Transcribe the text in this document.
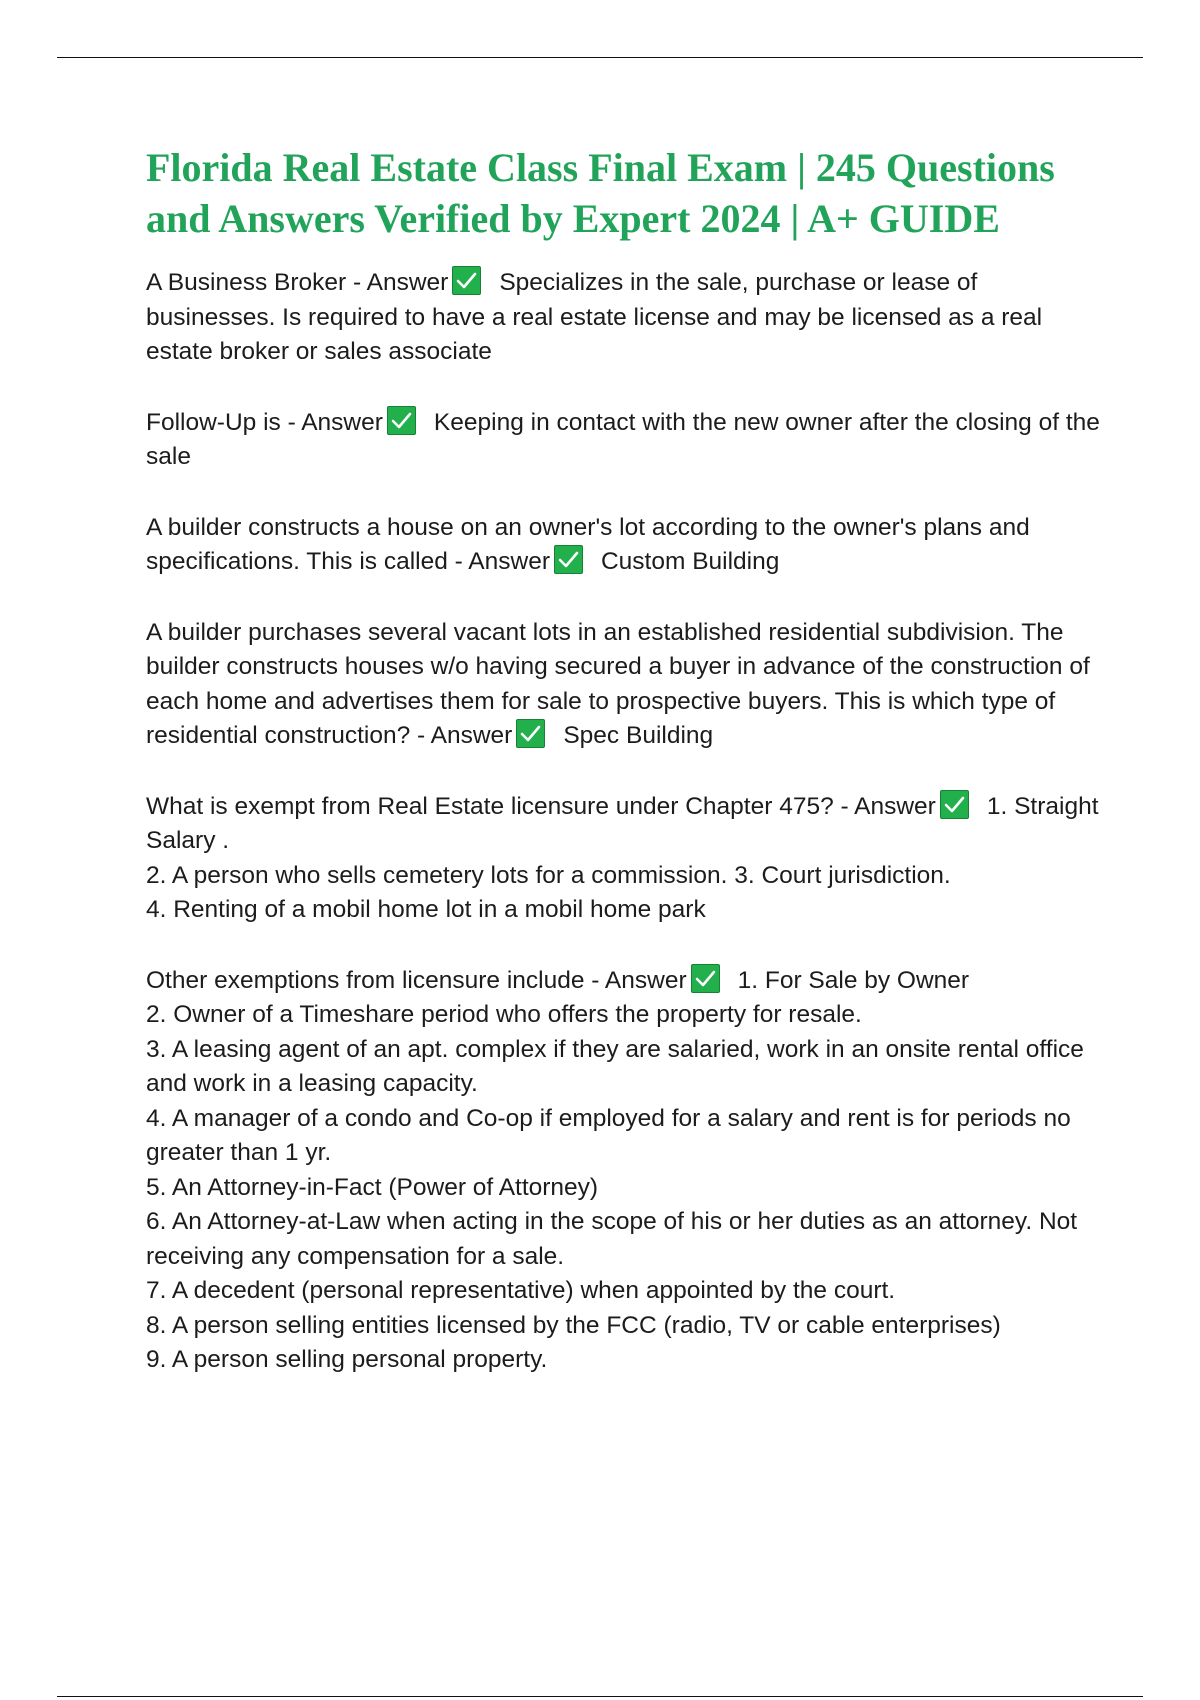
Florida Real Estate Class Final Exam | 245 Questions and Answers Verified by Expert 2024 | A+ GUIDE

A Business Broker - Answer Specializes in the sale, purchase or lease of businesses. Is required to have a real estate license and may be licensed as a real estate broker or sales associate

Follow-Up is - Answer Keeping in contact with the new owner after the closing of the sale

A builder constructs a house on an owner's lot according to the owner's plans and specifications. This is called - Answer Custom Building

A builder purchases several vacant lots in an established residential subdivision. The builder constructs houses w/o having secured a buyer in advance of the construction of each home and advertises them for sale to prospective buyers. This is which type of residential construction? - Answer Spec Building

What is exempt from Real Estate licensure under Chapter 475? - Answer 1. Straight Salary .

2. A person who sells cemetery lots for a commission. 3. Court jurisdiction.

4. Renting of a mobil home lot in a mobil home park

Other exemptions from licensure include - Answer 1. For Sale by Owner

2. Owner of a Timeshare period who offers the property for resale.

3. A leasing agent of an apt. complex if they are salaried, work in an onsite rental office and work in a leasing capacity.

4. A manager of a condo and Co-op if employed for a salary and rent is for periods no greater than 1 yr.

5. An Attorney-in-Fact (Power of Attorney)

6. An Attorney-at-Law when acting in the scope of his or her duties as an attorney. Not receiving any compensation for a sale.

7. A decedent (personal representative) when appointed by the court.

8. A person selling entities licensed by the FCC (radio, TV or cable enterprises)

9. A person selling personal property.
